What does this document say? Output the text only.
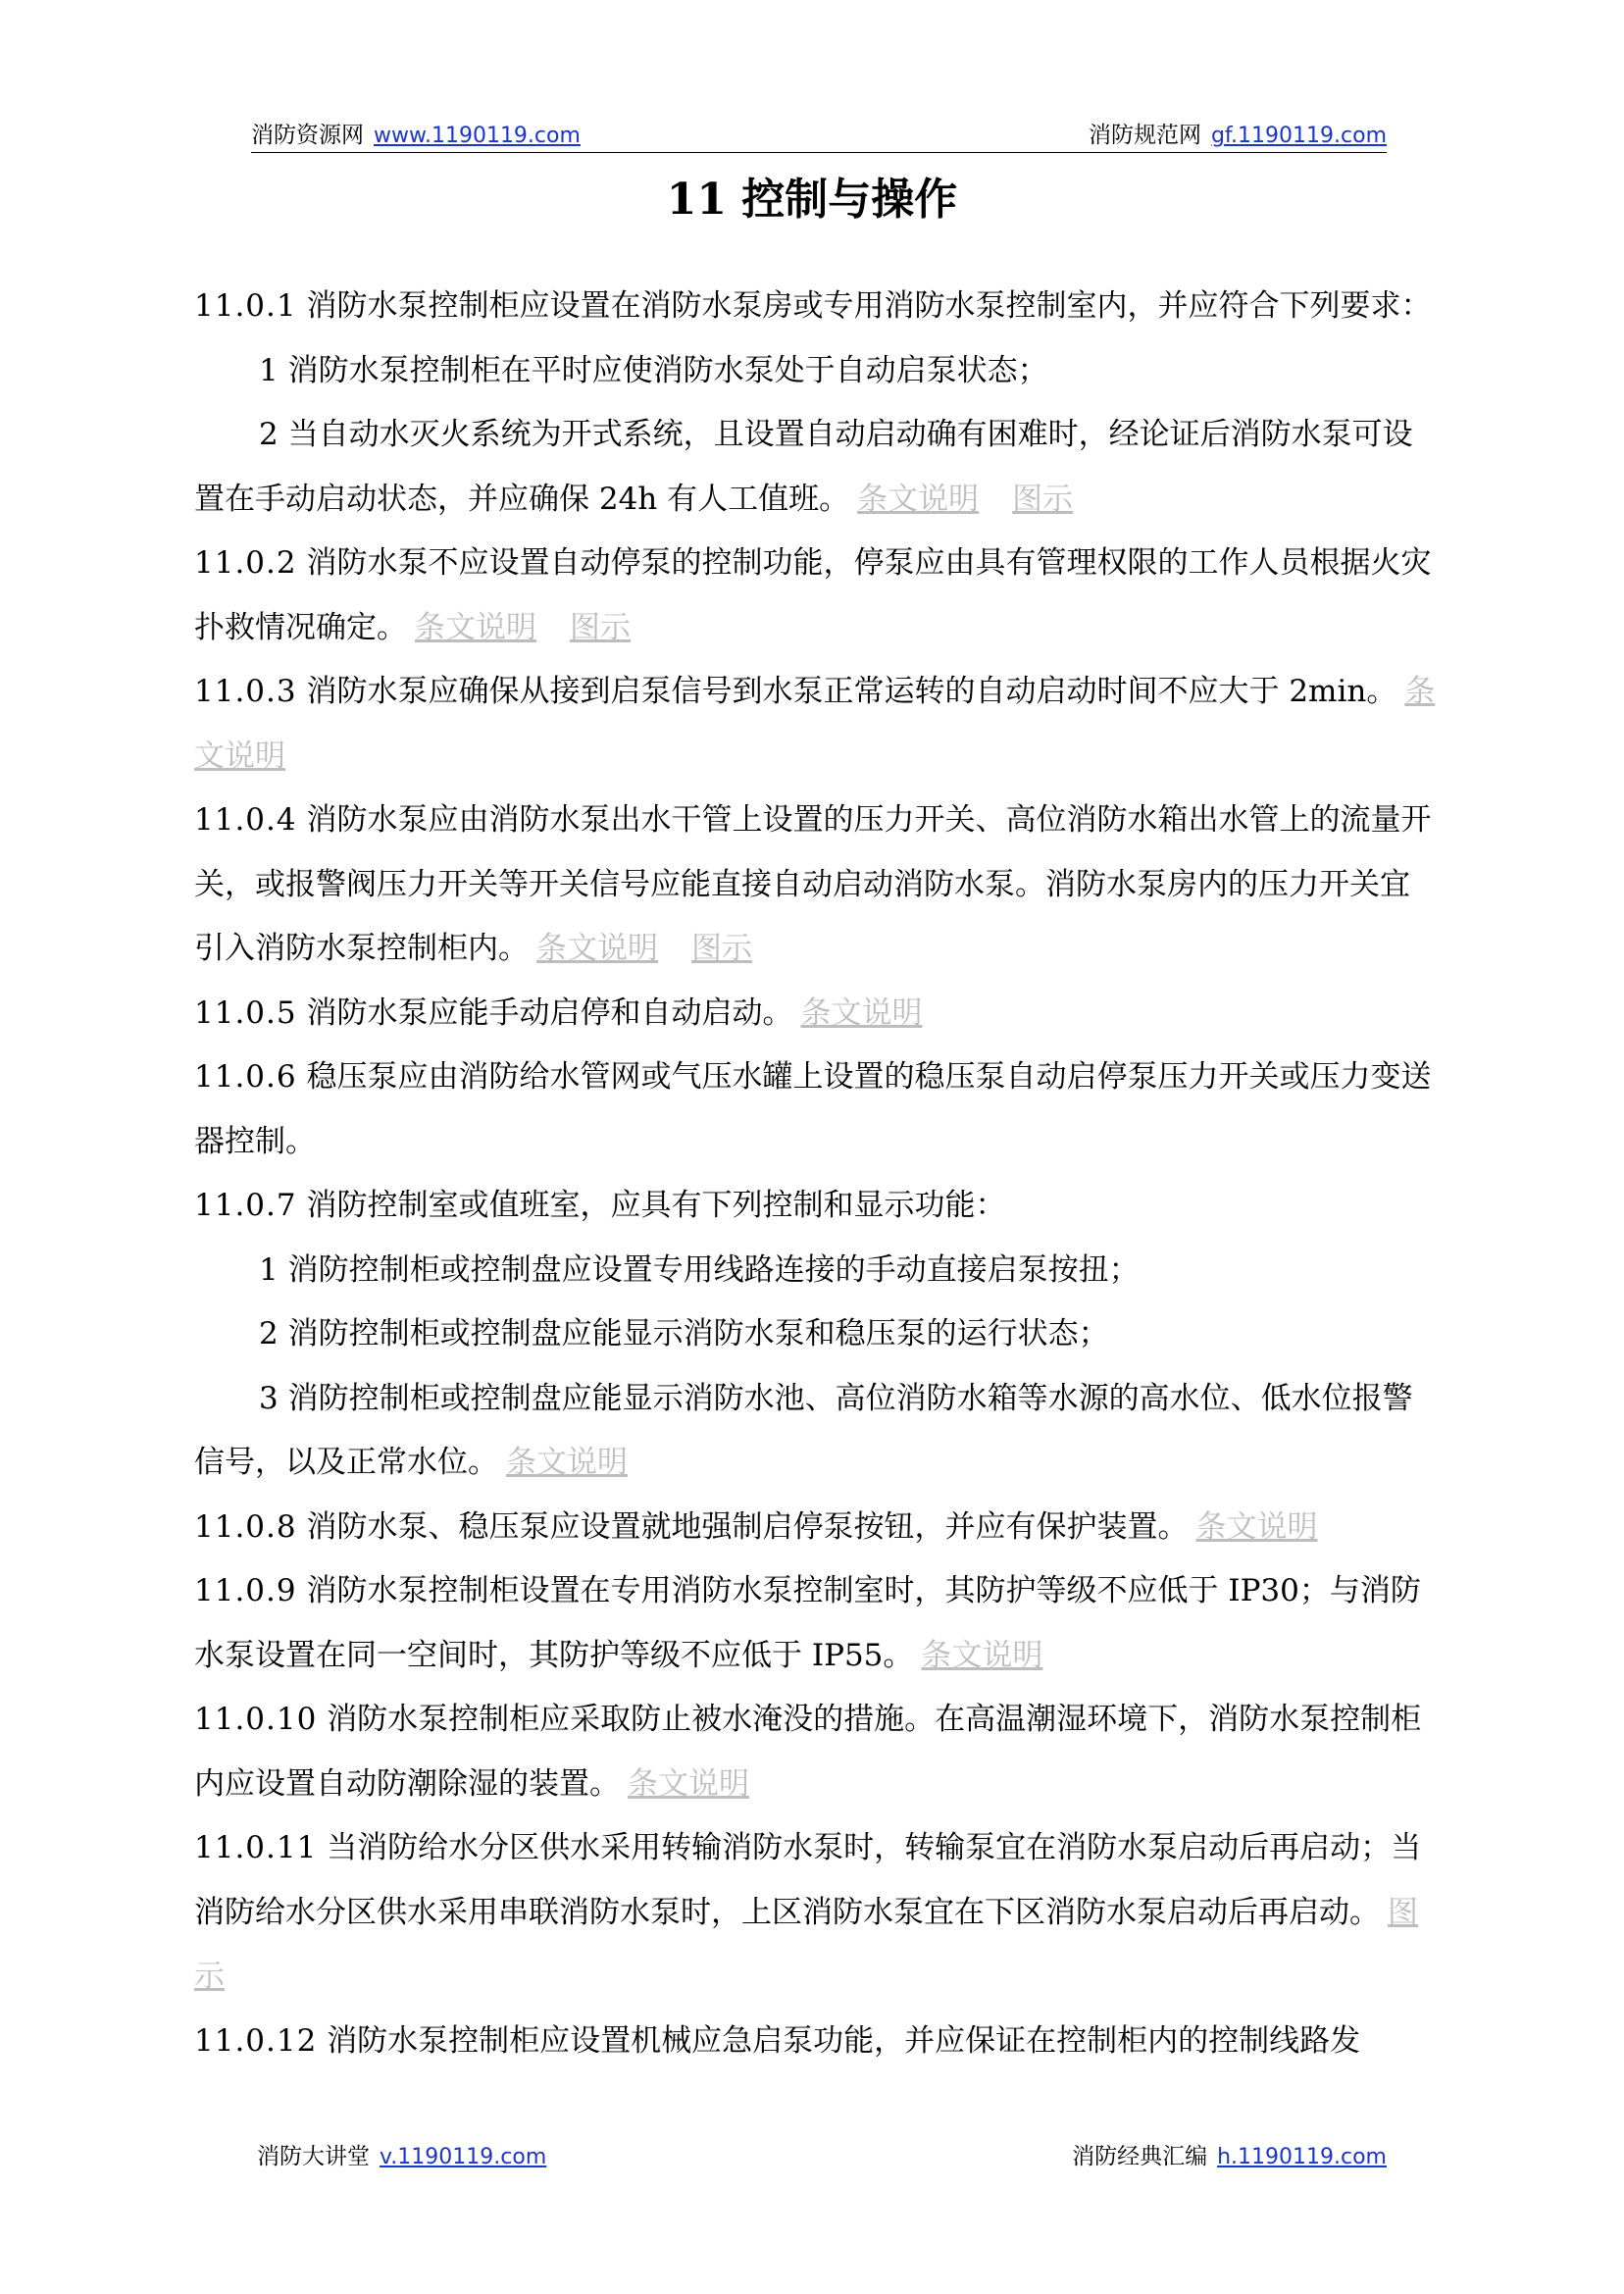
消防资源网 www.1190119.com	消防规范网 gf.1190119.com
11 控制与操作

11.0.1 消防水泵控制柜应设置在消防水泵房或专用消防水泵控制室内，并应符合下列要求：

1 消防水泵控制柜在平时应使消防水泵处于自动启泵状态；

2 当自动水灭火系统为开式系统，且设置自动启动确有困难时，经论证后消防水泵可设置在手动启动状态，并应确保 24h 有人工值班。 条文说明 图示

11.0.2 消防水泵不应设置自动停泵的控制功能，停泵应由具有管理权限的工作人员根据火灾扑救情况确定。 条文说明 图示

11.0.3 消防水泵应确保从接到启泵信号到水泵正常运转的自动启动时间不应大于 2min。 条文说明

11.0.4 消防水泵应由消防水泵出水干管上设置的压力开关、高位消防水箱出水管上的流量开关，或报警阀压力开关等开关信号应能直接自动启动消防水泵。消防水泵房内的压力开关宜引入消防水泵控制柜内。 条文说明 图示

11.0.5 消防水泵应能手动启停和自动启动。 条文说明

11.0.6 稳压泵应由消防给水管网或气压水罐上设置的稳压泵自动启停泵压力开关或压力变送器控制。

11.0.7 消防控制室或值班室，应具有下列控制和显示功能：

1 消防控制柜或控制盘应设置专用线路连接的手动直接启泵按扭；

2 消防控制柜或控制盘应能显示消防水泵和稳压泵的运行状态；

3 消防控制柜或控制盘应能显示消防水池、高位消防水箱等水源的高水位、低水位报警信号，以及正常水位。 条文说明

11.0.8 消防水泵、稳压泵应设置就地强制启停泵按钮，并应有保护装置。 条文说明

11.0.9 消防水泵控制柜设置在专用消防水泵控制室时，其防护等级不应低于 IP30；与消防水泵设置在同一空间时，其防护等级不应低于 IP55。 条文说明

11.0.10 消防水泵控制柜应采取防止被水淹没的措施。在高温潮湿环境下，消防水泵控制柜内应设置自动防潮除湿的装置。 条文说明

11.0.11 当消防给水分区供水采用转输消防水泵时，转输泵宜在消防水泵启动后再启动；当消防给水分区供水采用串联消防水泵时，上区消防水泵宜在下区消防水泵启动后再启动。 图示

11.0.12 消防水泵控制柜应设置机械应急启泵功能，并应保证在控制柜内的控制线路发

消防大讲堂 v.1190119.com	消防经典汇编 h.1190119.com
